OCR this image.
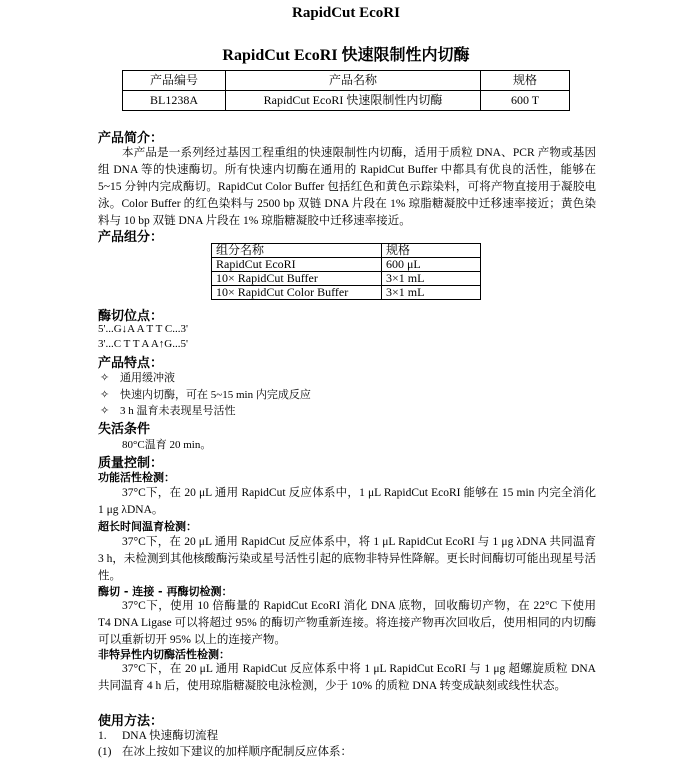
RapidCut EcoRI
RapidCut EcoRI 快速限制性内切酶
产品编号	产品名称	规格
BL1238A	RapidCut EcoRI 快速限制性内切酶	600 T
产品简介：
本产品是一系列经过基因工程重组的快速限制性内切酶，适用于质粒 DNA、PCR 产物或基因组 DNA 等的快速酶切。所有快速内切酶在通用的 RapidCut Buffer 中都具有优良的活性，能够在 5~15 分钟内完成酶切。RapidCut Color Buffer 包括红色和黄色示踪染料，可将产物直接用于凝胶电泳。Color Buffer 的红色染料与 2500 bp 双链 DNA 片段在 1% 琼脂糖凝胶中迁移速率接近；黄色染料与 10 bp 双链 DNA 片段在 1% 琼脂糖凝胶中迁移速率接近。
产品组分：
组分名称	规格
RapidCut EcoRI	600 μL
10× RapidCut Buffer	3×1 mL
10× RapidCut Color Buffer	3×1 mL
酶切位点：
5'...G↓A A T T C...3'
3'...C T T A A↑G...5'
产品特点：
✧ 通用缓冲液
✧ 快速内切酶，可在 5~15 min 内完成反应
✧ 3 h 温育未表现星号活性
失活条件
80°C温育 20 min。
质量控制：
功能活性检测：
37°C下，在 20 μL 通用 RapidCut 反应体系中，1 μL RapidCut EcoRI 能够在 15 min 内完全消化 1 μg λDNA。
超长时间温育检测：
37°C下，在 20 μL 通用 RapidCut 反应体系中，将 1 μL RapidCut EcoRI 与 1 μg λDNA 共同温育 3 h，未检测到其他核酸酶污染或星号活性引起的底物非特异性降解。更长时间酶切可能出现星号活性。
酶切 - 连接 - 再酶切检测：
37°C下，使用 10 倍酶量的 RapidCut EcoRI 消化 DNA 底物，回收酶切产物，在 22°C 下使用 T4 DNA Ligase 可以将超过 95% 的酶切产物重新连接。将连接产物再次回收后，使用相同的内切酶可以重新切开 95% 以上的连接产物。
非特异性内切酶活性检测：
37°C下，在 20 μL 通用 RapidCut 反应体系中将 1 μL RapidCut EcoRI 与 1 μg 超螺旋质粒 DNA 共同温育 4 h 后，使用琼脂糖凝胶电泳检测，少于 10% 的质粒 DNA 转变成缺刻或线性状态。
使用方法：
1. DNA 快速酶切流程
(1) 在冰上按如下建议的加样顺序配制反应体系：
